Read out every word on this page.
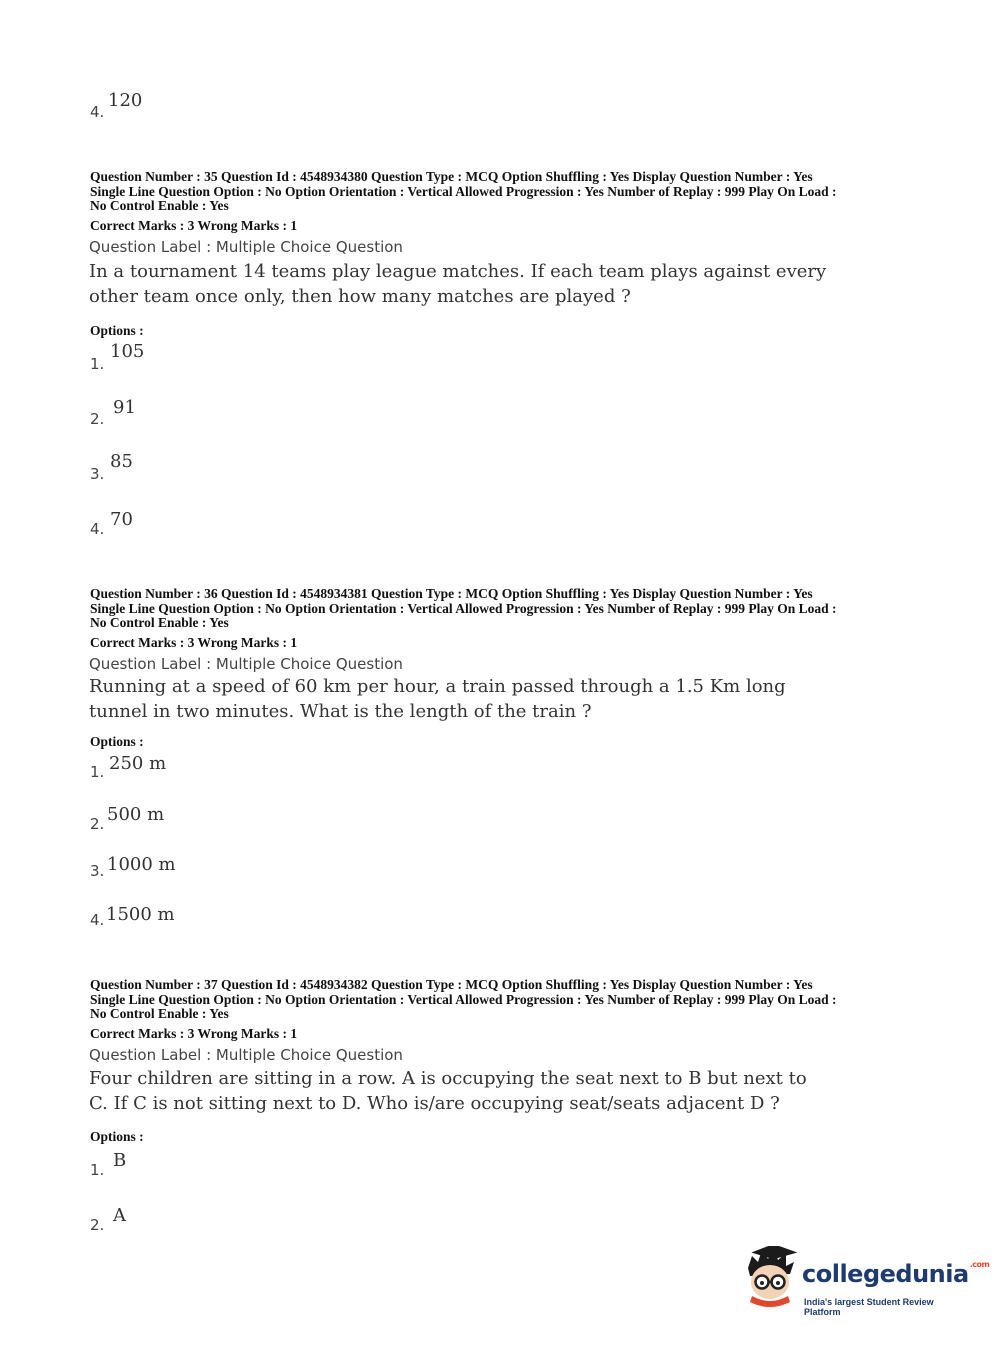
4.
120
Question Number : 35 Question Id : 4548934380 Question Type : MCQ Option Shuffling : Yes Display Question Number : Yes
Single Line Question Option : No Option Orientation : Vertical Allowed Progression : Yes Number of Replay : 999 Play On Load :
No Control Enable : Yes
Correct Marks : 3 Wrong Marks : 1
Question Label : Multiple Choice Question
In a tournament 14 teams play league matches. If each team plays against every
other team once only, then how many matches are played ?
Options :
1.
105
2.
91
3.
85
4. 70
Question Number : 36 Question Id : 4548934381 Question Type : MCQ Option Shuffling : Yes Display Question Number : Yes
Single Line Question Option : No Option Orientation : Vertical Allowed Progression : Yes Number of Replay : 999 Play On Load :
No Control Enable : Yes
Correct Marks : 3 Wrong Marks : 1
Question Label : Multiple Choice Question
Running at a speed of 60 km per hour, a train passed through a 1.5 Km long
tunnel in two minutes. What is the length of the train ?
Options :
1. 250 m
2. 500 m
3. 1000 m
4. 1500 m
Question Number : 37 Question Id : 4548934382 Question Type : MCQ Option Shuffling : Yes Display Question Number : Yes
Single Line Question Option : No Option Orientation : Vertical Allowed Progression : Yes Number of Replay : 999 Play On Load :
No Control Enable : Yes
Correct Marks : 3 Wrong Marks : 1
Question Label : Multiple Choice Question
Four children are sitting in a row. A is occupying the seat next to B but next to
C. If C is not sitting next to D. Who is/are occupying seat/seats adjacent D ?
Options :
1. B
2. A
collegedunia$^{.com}$
India's largest Student Review Platform
